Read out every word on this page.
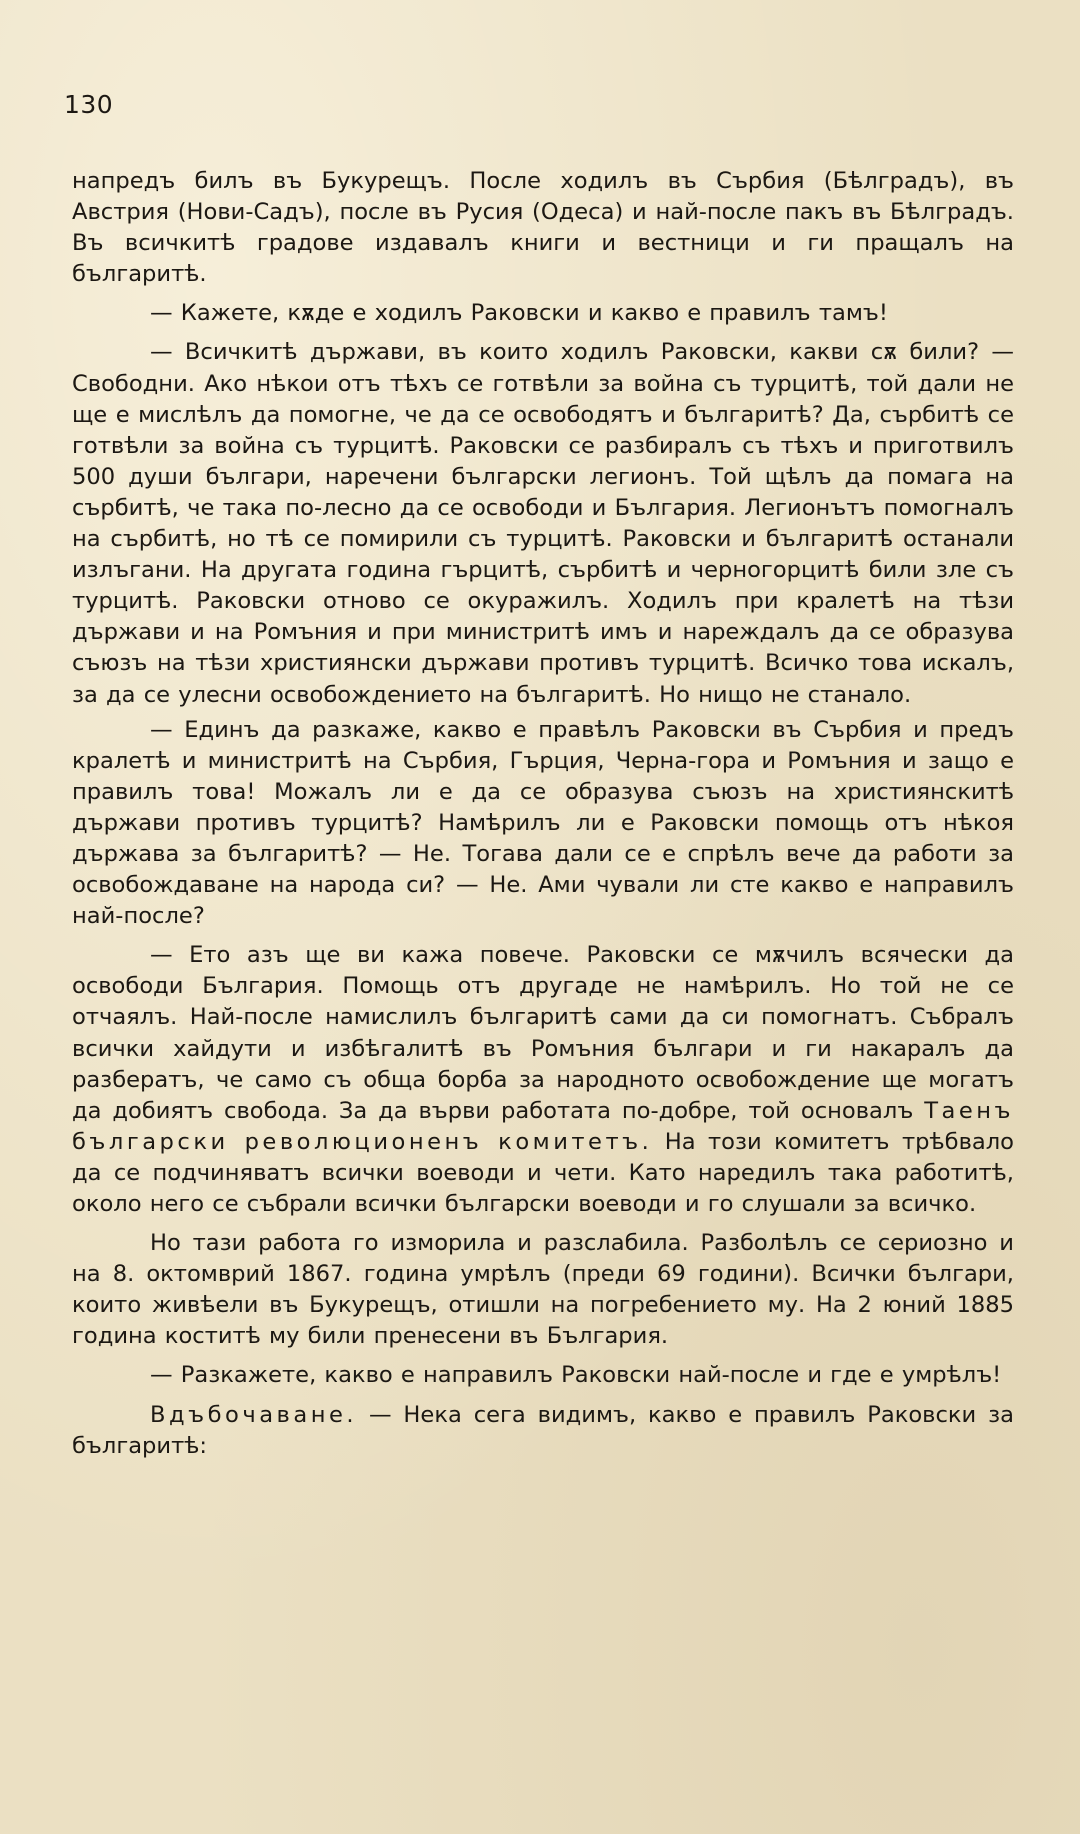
130

напредъ билъ въ Букурещъ. После ходилъ въ Сърбия (Бѣлградъ), въ Австрия (Нови-Садъ), после въ Русия (Одеса) и най-после пакъ въ Бѣлградъ. Въ всичкитѣ градове издавалъ книги и вестници и ги пращалъ на българитѣ.

— Кажете, кѫде е ходилъ Раковски и какво е правилъ тамъ!

— Всичкитѣ държави, въ които ходилъ Раковски, какви сѫ били? — Свободни. Ако нѣкои отъ тѣхъ се готвѣли за война съ турцитѣ, той дали не ще е мислѣлъ да помогне, че да се освободятъ и българитѣ? Да, сърбитѣ се готвѣли за война съ турцитѣ. Раковски се разбиралъ съ тѣхъ и приготвилъ 500 души българи, наречени български легионъ. Той щѣлъ да помага на сърбитѣ, че така по-лесно да се освободи и България. Легионътъ помогналъ на сърбитѣ, но тѣ се помирили съ турцитѣ. Раковски и българитѣ останали излъгани. На другата година гърцитѣ, сърбитѣ и черногорцитѣ били зле съ турцитѣ. Раковски отново се окуражилъ. Ходилъ при кралетѣ на тѣзи държави и на Ромъния и при министритѣ имъ и нареждалъ да се образува съюзъ на тѣзи християнски държави противъ турцитѣ. Всичко това искалъ, за да се улесни освобождението на българитѣ. Но нищо не станало.

— Единъ да разкаже, какво е правѣлъ Раковски въ Сърбия и предъ кралетѣ и министритѣ на Сърбия, Гърция, Черна-гора и Ромъния и защо е правилъ това! Можалъ ли е да се образува съюзъ на християнскитѣ държави противъ турцитѣ? Намѣрилъ ли е Раковски помощь отъ нѣкоя държава за българитѣ? — Не. Тогава дали се е спрѣлъ вече да работи за освобождаване на народа си? — Не. Ами чували ли сте какво е направилъ най-после?

— Ето азъ ще ви кажа повече. Раковски се мѫчилъ всячески да освободи България. Помощь отъ другаде не намѣрилъ. Но той не се отчаялъ. Най-после намислилъ българитѣ сами да си помогнатъ. Събралъ всички хайдути и избѣгалитѣ въ Ромъния българи и ги накаралъ да разбератъ, че само съ обща борба за народното освобождение ще могатъ да добиятъ свобода. За да върви работата по-добре, той основалъ Таенъ български революционенъ комитетъ. На този комитетъ трѣбвало да се подчиняватъ всички воеводи и чети. Като наредилъ така работитѣ, около него се събрали всички български воеводи и го слушали за всичко.

Но тази работа го изморила и разслабила. Разболѣлъ се сериозно и на 8. октомврий 1867. година умрѣлъ (преди 69 години). Всички българи, които живѣели въ Букурещъ, отишли на погребението му. На 2 юний 1885 година коститѣ му били пренесени въ България.

— Разкажете, какво е направилъ Раковски най-после и где е умрѣлъ!

Вдъбочаване. — Нека сега видимъ, какво е правилъ Раковски за българитѣ:
